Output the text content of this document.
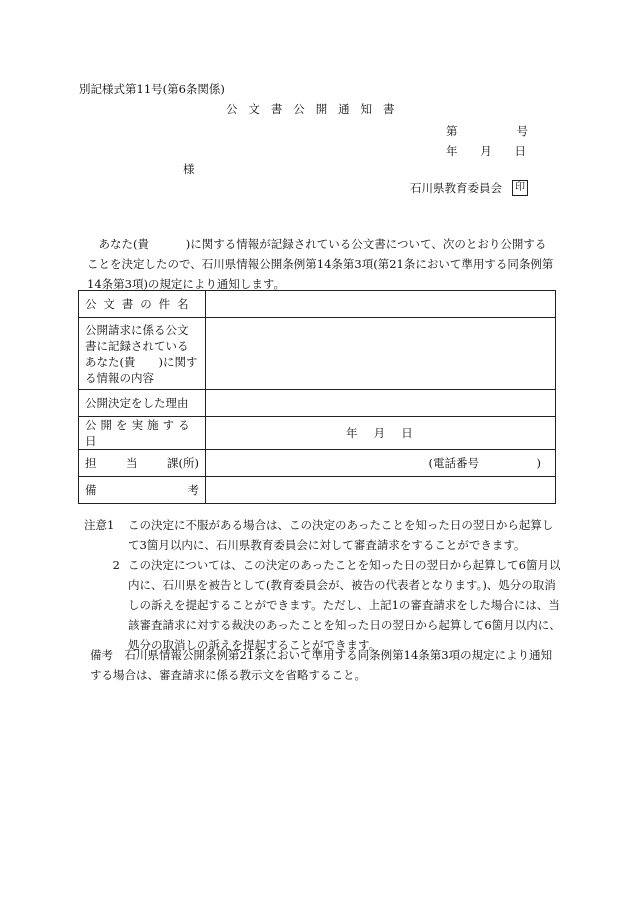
別記様式第11号(第6条関係)
公文書公開通知書
第	号
年 月 日
様
石川県教育委員会	印
あなた(貴	)に関する情報が記録されている公文書について、次のとおり公開することを決定したので、石川県情報公開条例第14条第3項(第21条において準用する同条例第14条第3項)の規定により通知します。
公文書の件名	
公開請求に係る公文書に記録されているあなた(貴　　)に関する情報の内容	
公開決定をした理由	
公開を実施する日	年　月　日

担 当 課(所)	(電話番号　　　　　)

備 考	

注意1	この決定に不服がある場合は、この決定のあったことを知った日の翌日から起算して3箇月以内に、石川県教育委員会に対して審査請求をすることができます。
2 この決定については、この決定のあったことを知った日の翌日から起算して6箇月以内に、石川県を被告として(教育委員会が、被告の代表者となります。)、処分の取消しの訴えを提起することができます。ただし、上記1の審査請求をした場合には、当該審査請求に対する裁決のあったことを知った日の翌日から起算して6箇月以内に、処分の取消しの訴えを提起することができます。
備考　 石川県情報公開条例第21条において準用する同条例第14条第3項の規定により通知する場合は、審査請求に係る教示文を省略すること。
